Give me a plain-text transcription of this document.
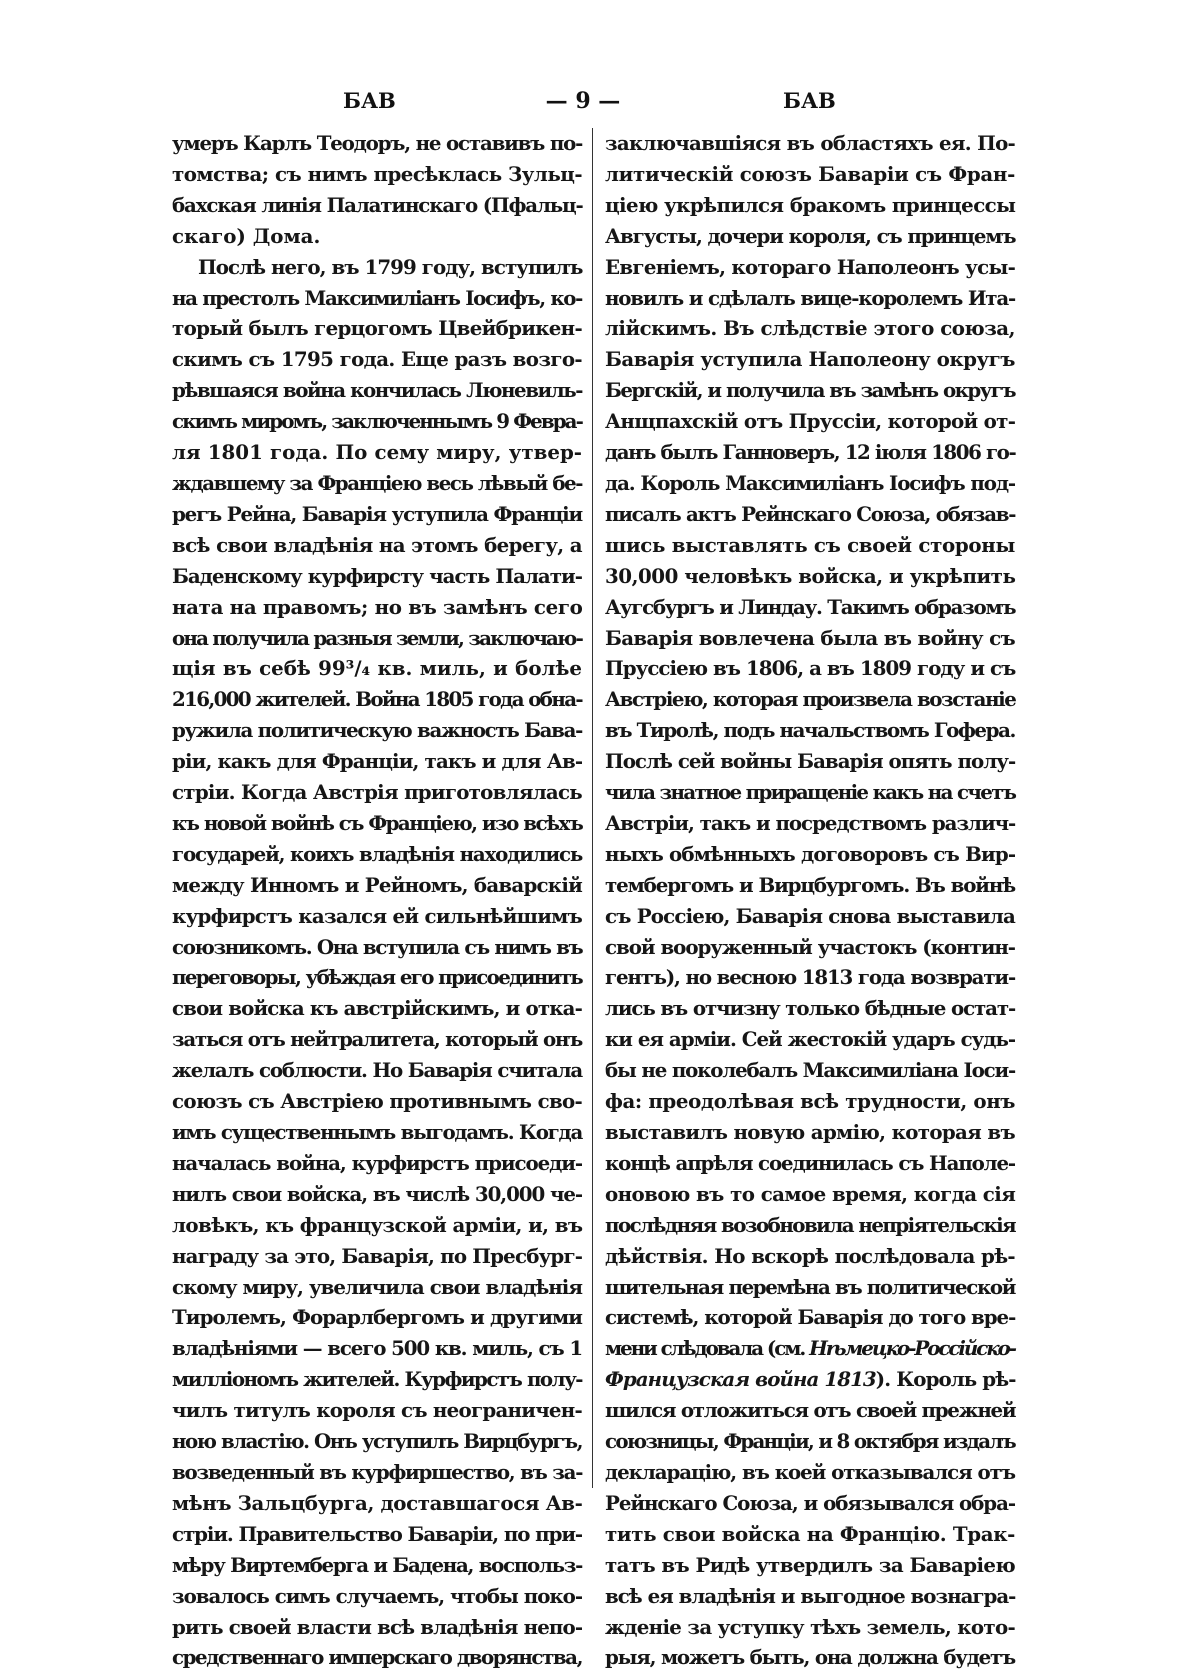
БАВ	— 9 —	БАВ
умеръ Карлъ Теодоръ, не оставивъ по-
томства; съ нимъ пресѣклась Зульц-
бахская линія Палатинскаго (Пфальц-
скаго) Дома.
Послѣ него, въ 1799 году, вступилъ
на престолъ Максимиліанъ Іосифъ, ко-
торый былъ герцогомъ Цвейбрикен-
скимъ съ 1795 года. Еще разъ возго-
рѣвшаяся война кончилась Люневиль-
скимъ миромъ, заключеннымъ 9 Февра-
ля 1801 года. По сему миру, утвер-
ждавшему за Франціею весь лѣвый бе-
регъ Рейна, Баварія уступила Франціи
всѣ свои владѣнія на этомъ берегу, а
Баденскому курфирсту часть Палати-
ната на правомъ; но въ замѣнъ сего
она получила разныя земли, заключаю-
щія въ себѣ 99³/₄ кв. миль, и болѣе
216,000 жителей. Война 1805 года обна-
ружила политическую важность Бава-
ріи, какъ для Франціи, такъ и для Ав-
стріи. Когда Австрія приготовлялась
къ новой войнѣ съ Франціею, изо всѣхъ
государей, коихъ владѣнія находились
между Инномъ и Рейномъ, баварскій
курфирстъ казался ей сильнѣйшимъ
союзникомъ. Она вступила съ нимъ въ
переговоры, убѣждая его присоединить
свои войска къ австрійскимъ, и отка-
заться отъ нейтралитета, который онъ
желалъ соблюсти. Но Баварія считала
союзъ съ Австріею противнымъ сво-
имъ существеннымъ выгодамъ. Когда
началась война, курфирстъ присоеди-
нилъ свои войска, въ числѣ 30,000 че-
ловѣкъ, къ французской арміи, и, въ
награду за это, Баварія, по Пресбург-
скому миру, увеличила свои владѣнія
Тиролемъ, Форарлбергомъ и другими
владѣніями — всего 500 кв. миль, съ 1
милліономъ жителей. Курфирстъ полу-
чилъ титулъ короля съ неограничен-
ною властію. Онъ уступилъ Вирцбургъ,
возведенный въ курфиршество, въ за-
мѣнъ Зальцбурга, доставшагося Ав-
стріи. Правительство Баваріи, по при-
мѣру Виртемберга и Бадена, воспольз-
зовалось симъ случаемъ, чтобы поко-
рить своей власти всѣ владѣнія непо-
средственнаго имперскаго дворянства,
заключавшіяся въ областяхъ ея. По-
литическій союзъ Баваріи съ Фран-
ціею укрѣпился бракомъ принцессы
Августы, дочери короля, съ принцемъ
Евгеніемъ, котораго Наполеонъ усы-
новилъ и сдѣлалъ вице-королемъ Ита-
лійскимъ. Въ слѣдствіе этого союза,
Баварія уступила Наполеону округъ
Бергскій, и получила въ замѣнъ округъ
Анщпахскій отъ Пруссіи, которой от-
данъ былъ Ганноверъ, 12 іюля 1806 го-
да. Король Максимиліанъ Іосифъ под-
писалъ актъ Рейнскаго Союза, обязав-
шись выставлять съ своей стороны
30,000 человѣкъ войска, и укрѣпить
Аугсбургъ и Линдау. Такимъ образомъ
Баварія вовлечена была въ войну съ
Пруссіею въ 1806, а въ 1809 году и съ
Австріею, которая произвела возстаніе
въ Тиролѣ, подъ начальствомъ Гофера.
Послѣ сей войны Баварія опять полу-
чила знатное приращеніе какъ на счетъ
Австріи, такъ и посредствомъ различ-
ныхъ обмѣнныхъ договоровъ съ Вир-
тембергомъ и Вирцбургомъ. Въ войнѣ
съ Россіею, Баварія снова выставила
свой вооруженный участокъ (контин-
гентъ), но весною 1813 года возврати-
лись въ отчизну только бѣдные остат-
ки ея арміи. Сей жестокій ударъ судь-
бы не поколебалъ Максимиліана Іоси-
фа: преодолѣвая всѣ трудности, онъ
выставилъ новую армію, которая въ
концѣ апрѣля соединилась съ Наполе-
оновою въ то самое время, когда сія
послѣдняя возобновила непріятельскія
дѣйствія. Но вскорѣ послѣдовала рѣ-
шительная перемѣна въ политической
системѣ, которой Баварія до того вре-
мени слѣдовала (см. Нѣмецко-Россійско-
Французская война 1813). Король рѣ-
шился отложиться отъ своей прежней
союзницы, Франціи, и 8 октября издалъ
декларацію, въ коей отказывался отъ
Рейнскаго Союза, и обязывался обра-
тить свои войска на Францію. Трак-
татъ въ Ридѣ утвердилъ за Баваріею
всѣ ея владѣнія и выгодное вознагра-
жденіе за уступку тѣхъ земель, кото-
рыя, можетъ быть, она должна будетъ
